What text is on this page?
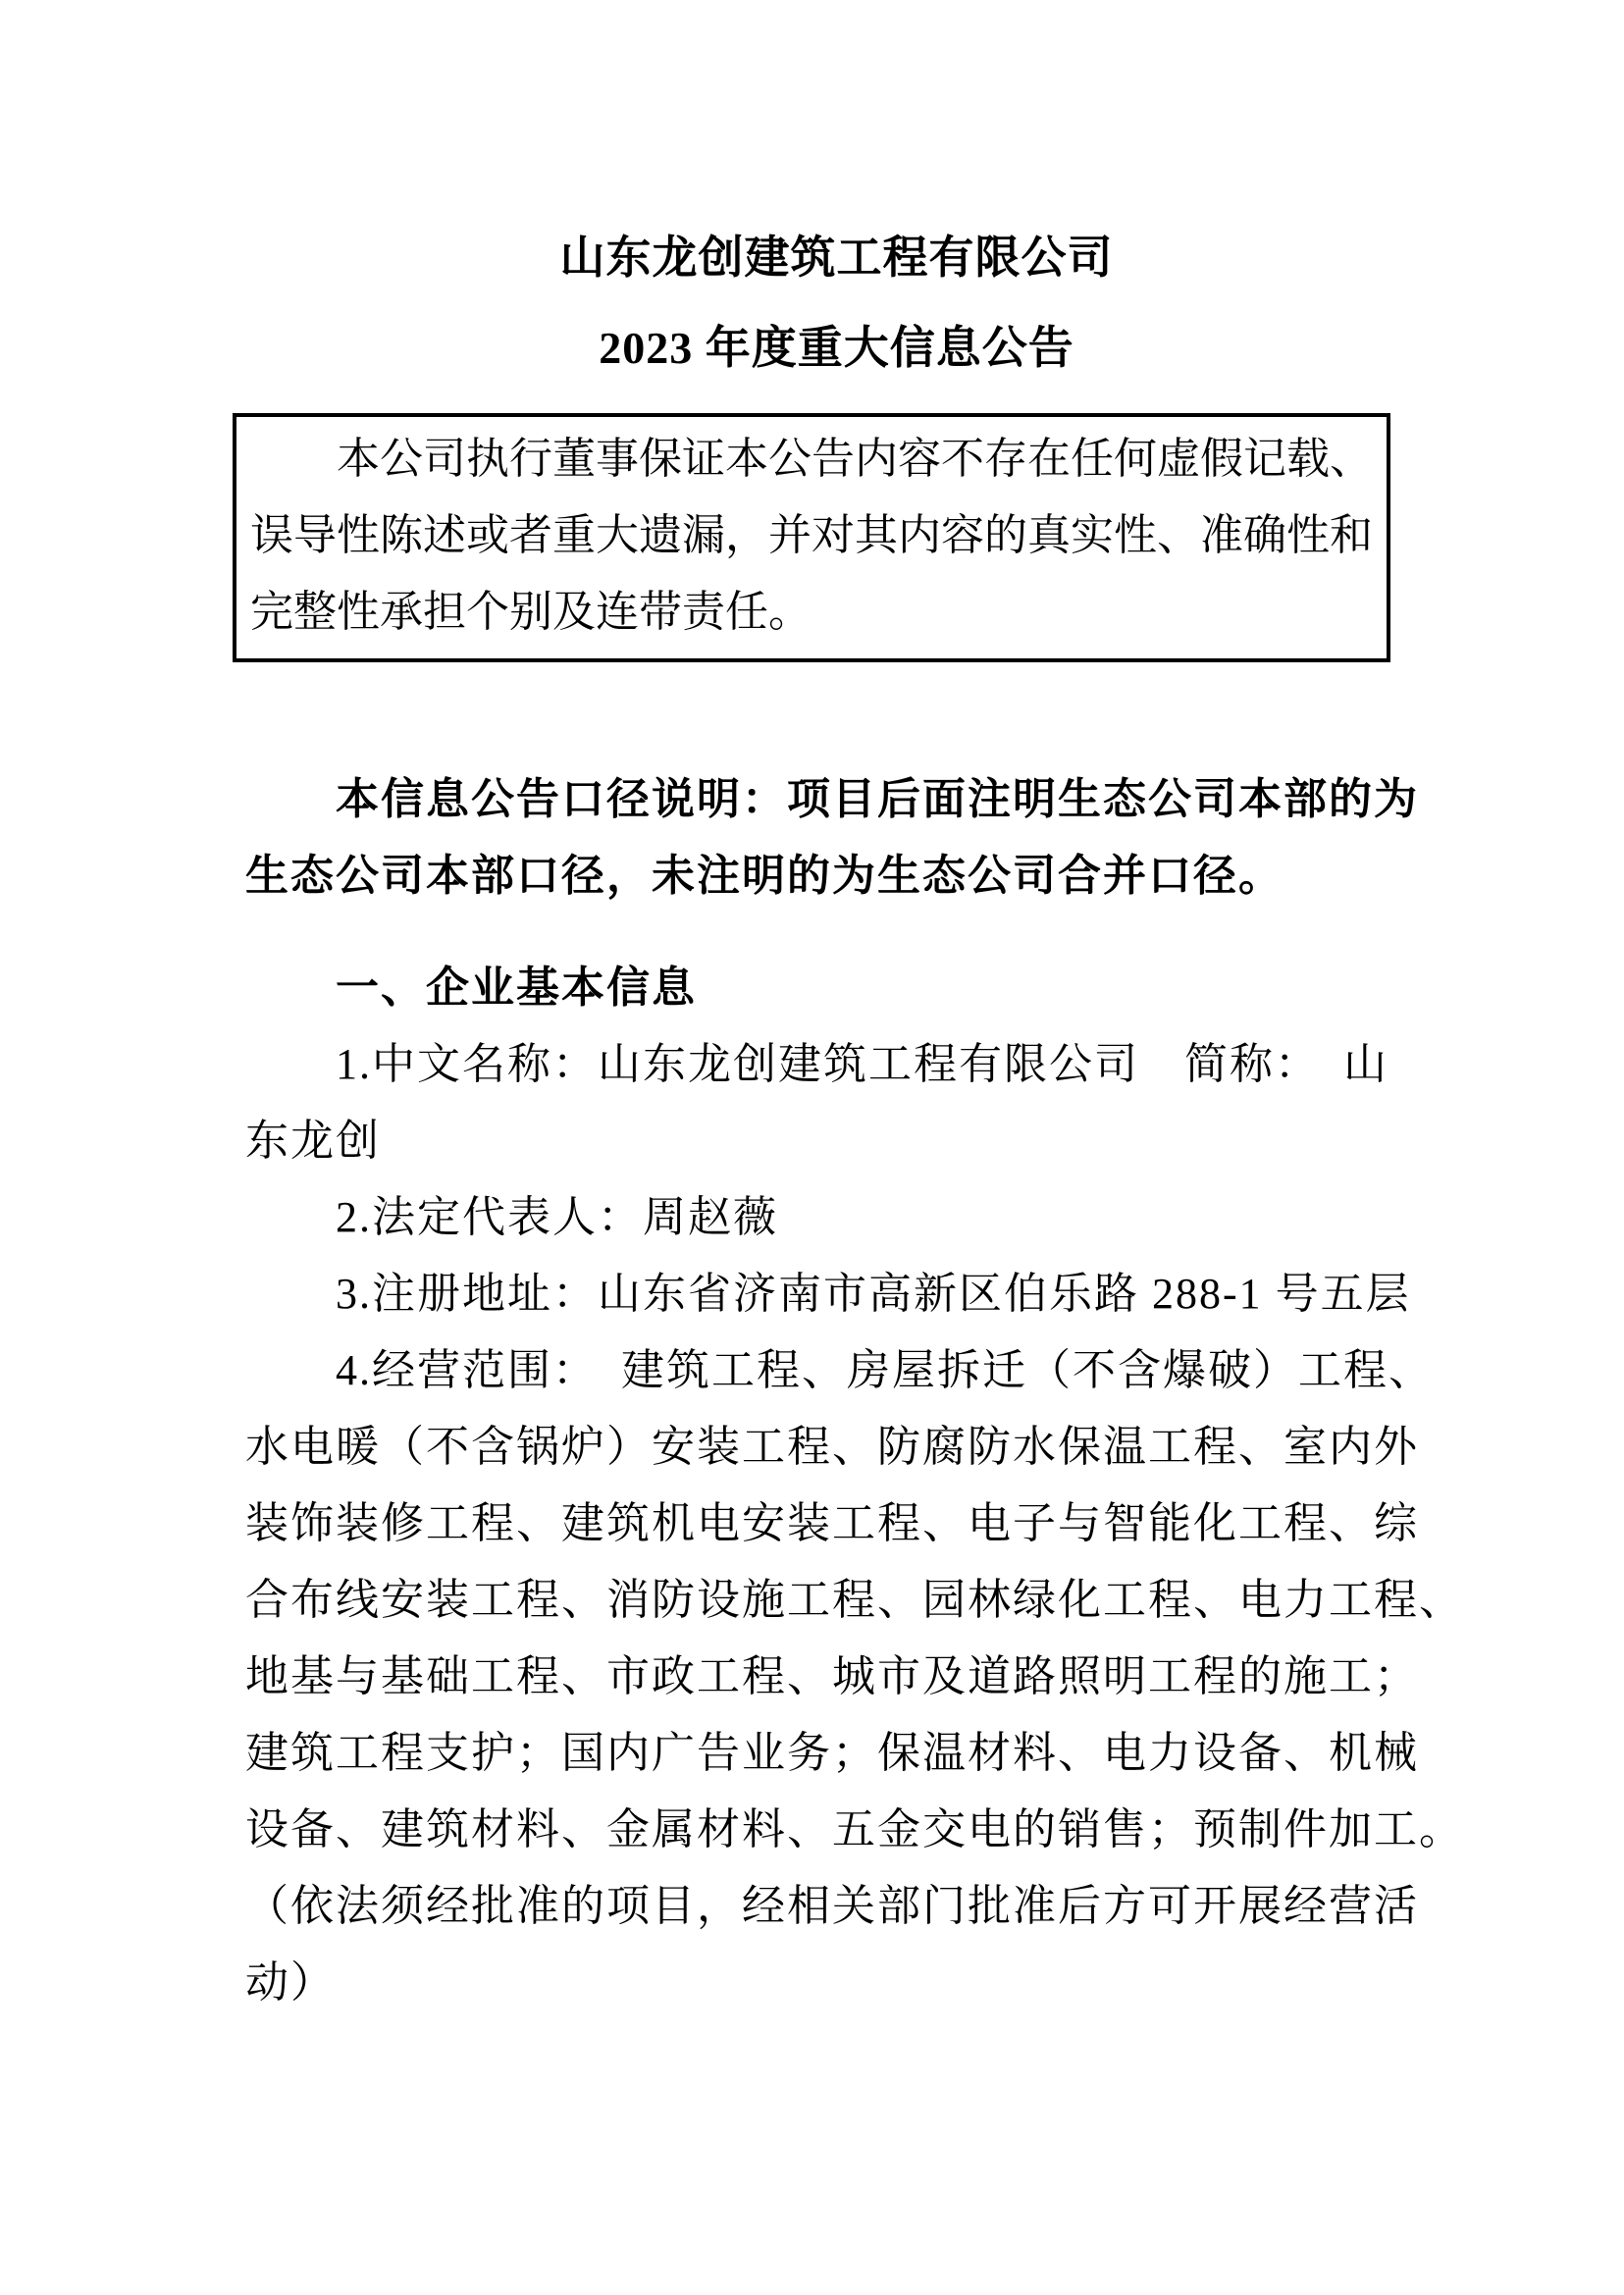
山东龙创建筑工程有限公司
2023 年度重大信息公告
本公司执行董事保证本公告内容不存在任何虚假记载、
误导性陈述或者重大遗漏，并对其内容的真实性、准确性和
完整性承担个别及连带责任。
本信息公告口径说明：项目后面注明生态公司本部的为
生态公司本部口径，未注明的为生态公司合并口径。
一、企业基本信息
1.中文名称：山东龙创建筑工程有限公司　简称：　山
东龙创
2.法定代表人：周赵薇
3.注册地址：山东省济南市高新区伯乐路 288-1 号五层
4.经营范围：　建筑工程、房屋拆迁（不含爆破）工程、
水电暖（不含锅炉）安装工程、防腐防水保温工程、室内外
装饰装修工程、建筑机电安装工程、电子与智能化工程、综
合布线安装工程、消防设施工程、园林绿化工程、电力工程、
地基与基础工程、市政工程、城市及道路照明工程的施工；
建筑工程支护；国内广告业务；保温材料、电力设备、机械
设备、建筑材料、金属材料、五金交电的销售；预制件加工。
（依法须经批准的项目，经相关部门批准后方可开展经营活
动）
